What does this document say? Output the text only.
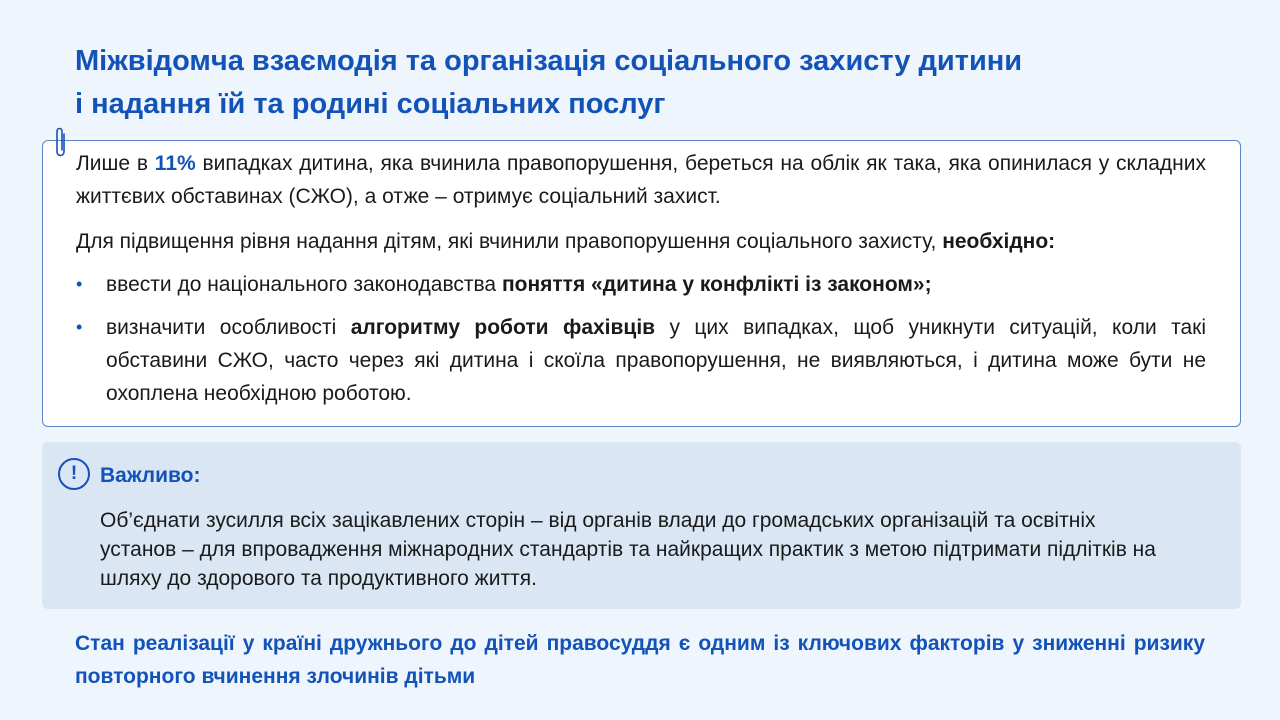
Міжвідомча взаємодія та організація соціального захисту дитини
і надання їй та родині соціальних послуг

Лише в 11% випадках дитина, яка вчинила правопорушення, береться на облік як така, яка опинилася у складних життєвих обставинах (СЖО), а отже – отримує соціальний захист.

Для підвищення рівня надання дітям, які вчинили правопорушення соціального захисту, необхідно:

• ввести до національного законодавства поняття «дитина у конфлікті із законом»;
• визначити особливості алгоритму роботи фахівців у цих випадках, щоб уникнути ситуацій, коли такі обставини СЖО, часто через які дитина і скоїла правопорушення, не виявляються, і дитина може бути не охоплена необхідною роботою.
!	Важливо:

Об’єднати зусилля всіх зацікавлених сторін – від органів влади до громадських організацій та освітніх установ – для впровадження міжнародних стандартів та найкращих практик з метою підтримати підлітків на шляху до здорового та продуктивного життя.

Стан реалізації у країні дружнього до дітей правосуддя є одним із ключових факторів у зниженні ризику повторного вчинення злочинів дітьми
